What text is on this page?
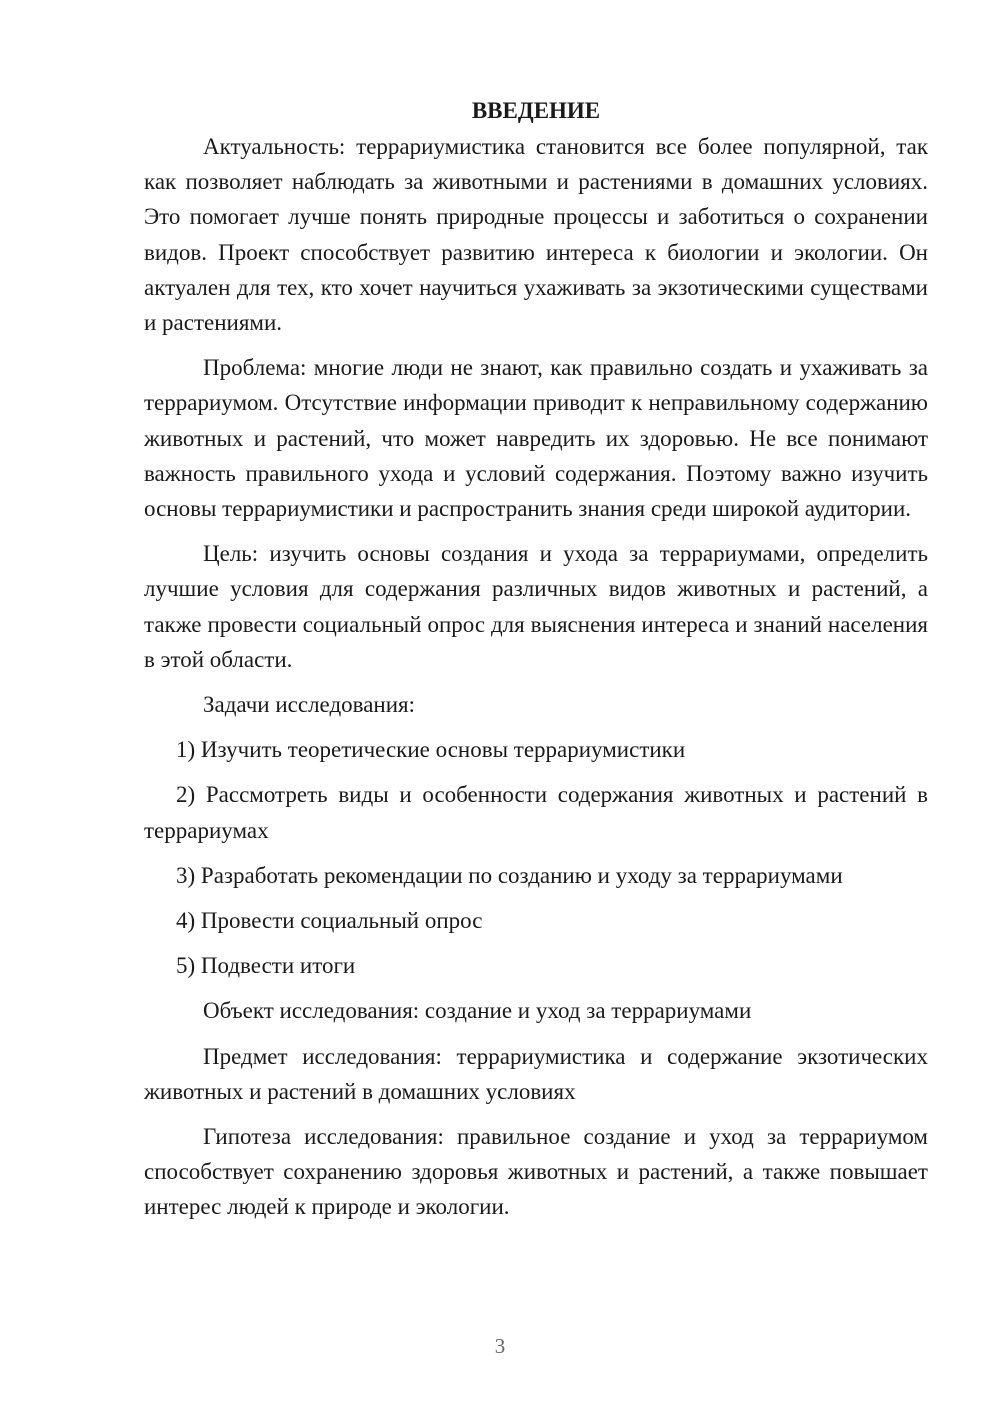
ВВЕДЕНИЕ

Актуальность: террариумистика становится все более популярной, так как позволяет наблюдать за животными и растениями в домашних условиях. Это помогает лучше понять природные процессы и заботиться о сохранении видов. Проект способствует развитию интереса к биологии и экологии. Он актуален для тех, кто хочет научиться ухаживать за экзотическими существами и растениями.

Проблема: многие люди не знают, как правильно создать и ухаживать за террариумом. Отсутствие информации приводит к неправильному содержанию животных и растений, что может навредить их здоровью. Не все понимают важность правильного ухода и условий содержания. Поэтому важно изучить основы террариумистики и распространить знания среди широкой аудитории.

Цель: изучить основы создания и ухода за террариумами, определить лучшие условия для содержания различных видов животных и растений, а также провести социальный опрос для выяснения интереса и знаний населения в этой области.

Задачи исследования:

1) Изучить теоретические основы террариумистики

2) Рассмотреть виды и особенности содержания животных и растений в террариумах

3) Разработать рекомендации по созданию и уходу за террариумами

4) Провести социальный опрос

5) Подвести итоги

Объект исследования: создание и уход за террариумами

Предмет исследования: террариумистика и содержание экзотических животных и растений в домашних условиях

Гипотеза исследования: правильное создание и уход за террариумом способствует сохранению здоровья животных и растений, а также повышает интерес людей к природе и экологии.

3
